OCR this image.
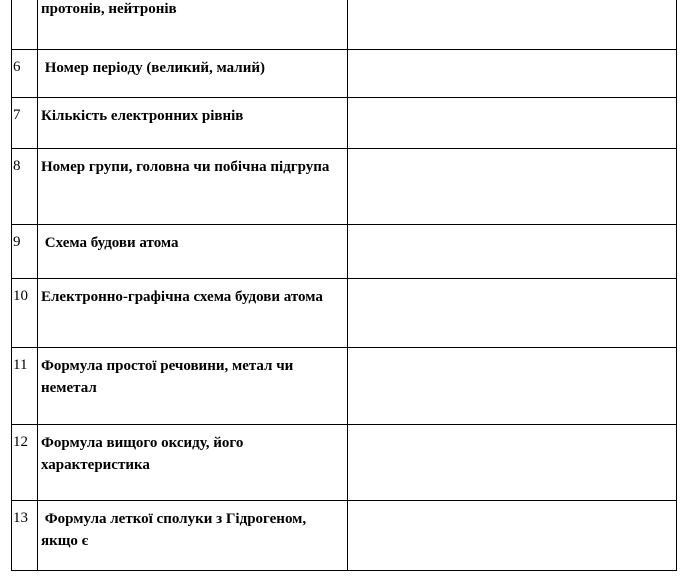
	протонів, нейтронів	
6	Номер періоду (великий, малий)	
7	Кількість електронних рівнів	
8	Номер групи, головна чи побічна підгрупа	
9	Схема будови атома	
10	Електронно-графічна схема будови атома	
11	Формула простої речовини, метал чи неметал	
12	Формула вищого оксиду, його характеристика	
13	Формула леткої сполуки з Гідрогеном, якщо є	
